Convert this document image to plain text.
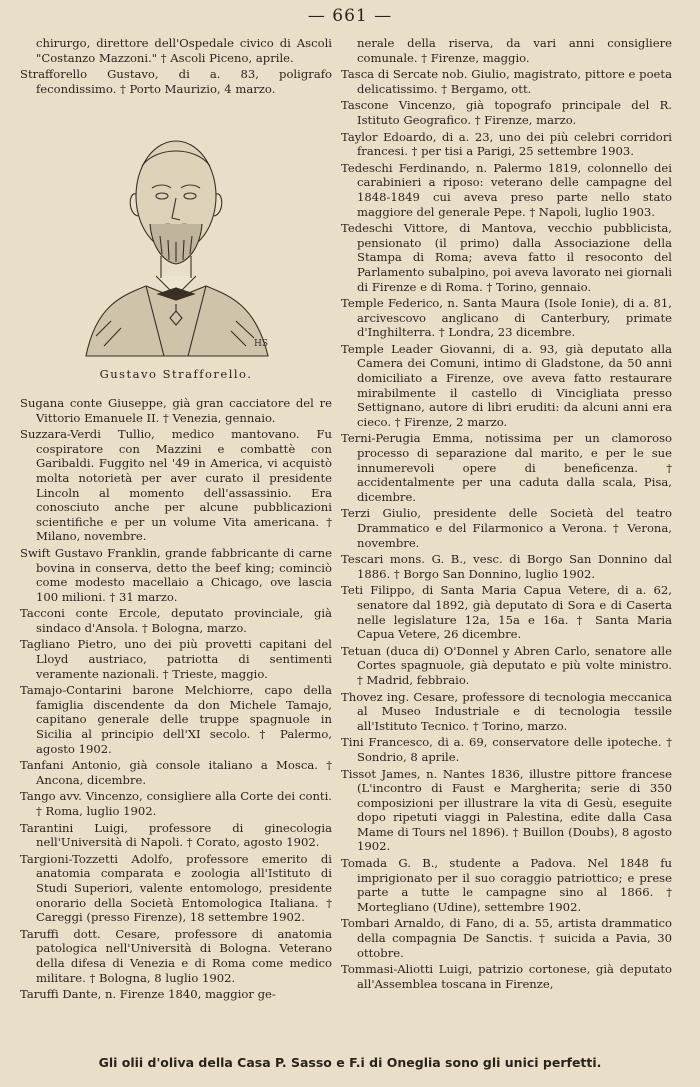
— 661 —

chirurgo, direttore dell'Ospedale civico di Ascoli "Costanzo Mazzoni." † Ascoli Piceno, aprile.

Strafforello Gustavo, di a. 83, poligrafo fecondissimo. † Porto Maurizio, 4 marzo.

HS
Gustavo Strafforello.

Sugana conte Giuseppe, già gran cacciatore del re Vittorio Emanuele II. † Venezia, gennaio.

Suzzara-Verdi Tullio, medico mantovano. Fu cospiratore con Mazzini e combattè con Garibaldi. Fuggito nel '49 in America, vi acquistò molta notorietà per aver curato il presidente Lincoln al momento dell'assassinio. Era conosciuto anche per alcune pubblicazioni scientifiche e per un volume Vita americana. † Milano, novembre.

Swift Gustavo Franklin, grande fabbricante di carne bovina in conserva, detto the beef king; cominciò come modesto macellaio a Chicago, ove lascia 100 milioni. † 31 marzo.

Tacconi conte Ercole, deputato provinciale, già sindaco d'Ansola. † Bologna, marzo.

Tagliano Pietro, uno dei più provetti capitani del Lloyd austriaco, patriotta di sentimenti veramente nazionali. † Trieste, maggio.

Tamajo-Contarini barone Melchiorre, capo della famiglia discendente da don Michele Tamajo, capitano generale delle truppe spagnuole in Sicilia al principio dell'XI secolo. † Palermo, agosto 1902.

Tanfani Antonio, già console italiano a Mosca. † Ancona, dicembre.

Tango avv. Vincenzo, consigliere alla Corte dei conti. † Roma, luglio 1902.

Tarantini Luigi, professore di ginecologia nell'Università di Napoli. † Corato, agosto 1902.

Targioni-Tozzetti Adolfo, professore emerito di anatomia comparata e zoologia all'Istituto di Studi Superiori, valente entomologo, presidente onorario della Società Entomologica Italiana. † Careggi (presso Firenze), 18 settembre 1902.

Taruffi dott. Cesare, professore di anatomia patologica nell'Università di Bologna. Veterano della difesa di Venezia e di Roma come medico militare. † Bologna, 8 luglio 1902.

Taruffi Dante, n. Firenze 1840, maggior ge-

nerale della riserva, da vari anni consigliere comunale. † Firenze, maggio.

Tasca di Sercate nob. Giulio, magistrato, pittore e poeta delicatissimo. † Bergamo, ott.

Tascone Vincenzo, già topografo principale del R. Istituto Geografico. † Firenze, marzo.

Taylor Edoardo, di a. 23, uno dei più celebri corridori francesi. † per tisi a Parigi, 25 settembre 1903.

Tedeschi Ferdinando, n. Palermo 1819, colonnello dei carabinieri a riposo: veterano delle campagne del 1848-1849 cui aveva preso parte nello stato maggiore del generale Pepe. † Napoli, luglio 1903.

Tedeschi Vittore, di Mantova, vecchio pubblicista, pensionato (il primo) dalla Associazione della Stampa di Roma; aveva fatto il resoconto del Parlamento subalpino, poi aveva lavorato nei giornali di Firenze e di Roma. † Torino, gennaio.

Temple Federico, n. Santa Maura (Isole Ionie), di a. 81, arcivescovo anglicano di Canterbury, primate d'Inghilterra. † Londra, 23 dicembre.

Temple Leader Giovanni, di a. 93, già deputato alla Camera dei Comuni, intimo di Gladstone, da 50 anni domiciliato a Firenze, ove aveva fatto restaurare mirabilmente il castello di Vincigliata presso Settignano, autore di libri eruditi: da alcuni anni era cieco. † Firenze, 2 marzo.

Terni-Perugia Emma, notissima per un clamoroso processo di separazione dal marito, e per le sue innumerevoli opere di beneficenza. † accidentalmente per una caduta dalla scala, Pisa, dicembre.

Terzi Giulio, presidente delle Società del teatro Drammatico e del Filarmonico a Verona. † Verona, novembre.

Tescari mons. G. B., vesc. di Borgo San Donnino dal 1886. † Borgo San Donnino, luglio 1902.

Teti Filippo, di Santa Maria Capua Vetere, di a. 62, senatore dal 1892, già deputato di Sora e di Caserta nelle legislature 12a, 15a e 16a. † Santa Maria Capua Vetere, 26 dicembre.

Tetuan (duca di) O'Donnel y Abren Carlo, senatore alle Cortes spagnuole, già deputato e più volte ministro. † Madrid, febbraio.

Thovez ing. Cesare, professore di tecnologia meccanica al Museo Industriale e di tecnologia tessile all'Istituto Tecnico. † Torino, marzo.

Tini Francesco, di a. 69, conservatore delle ipoteche. † Sondrio, 8 aprile.

Tissot James, n. Nantes 1836, illustre pittore francese (L'incontro di Faust e Margherita; serie di 350 composizioni per illustrare la vita di Gesù, eseguite dopo ripetuti viaggi in Palestina, edite dalla Casa Mame di Tours nel 1896). † Buillon (Doubs), 8 agosto 1902.

Tomada G. B., studente a Padova. Nel 1848 fu imprigionato per il suo coraggio patriottico; e prese parte a tutte le campagne sino al 1866. † Mortegliano (Udine), settembre 1902.

Tombari Arnaldo, di Fano, di a. 55, artista drammatico della compagnia De Sanctis. † suicida a Pavia, 30 ottobre.

Tommasi-Aliotti Luigi, patrizio cortonese, già deputato all'Assemblea toscana in Firenze,

Gli olii d'oliva della Casa P. Sasso e F.i di Oneglia sono gli unici perfetti.
